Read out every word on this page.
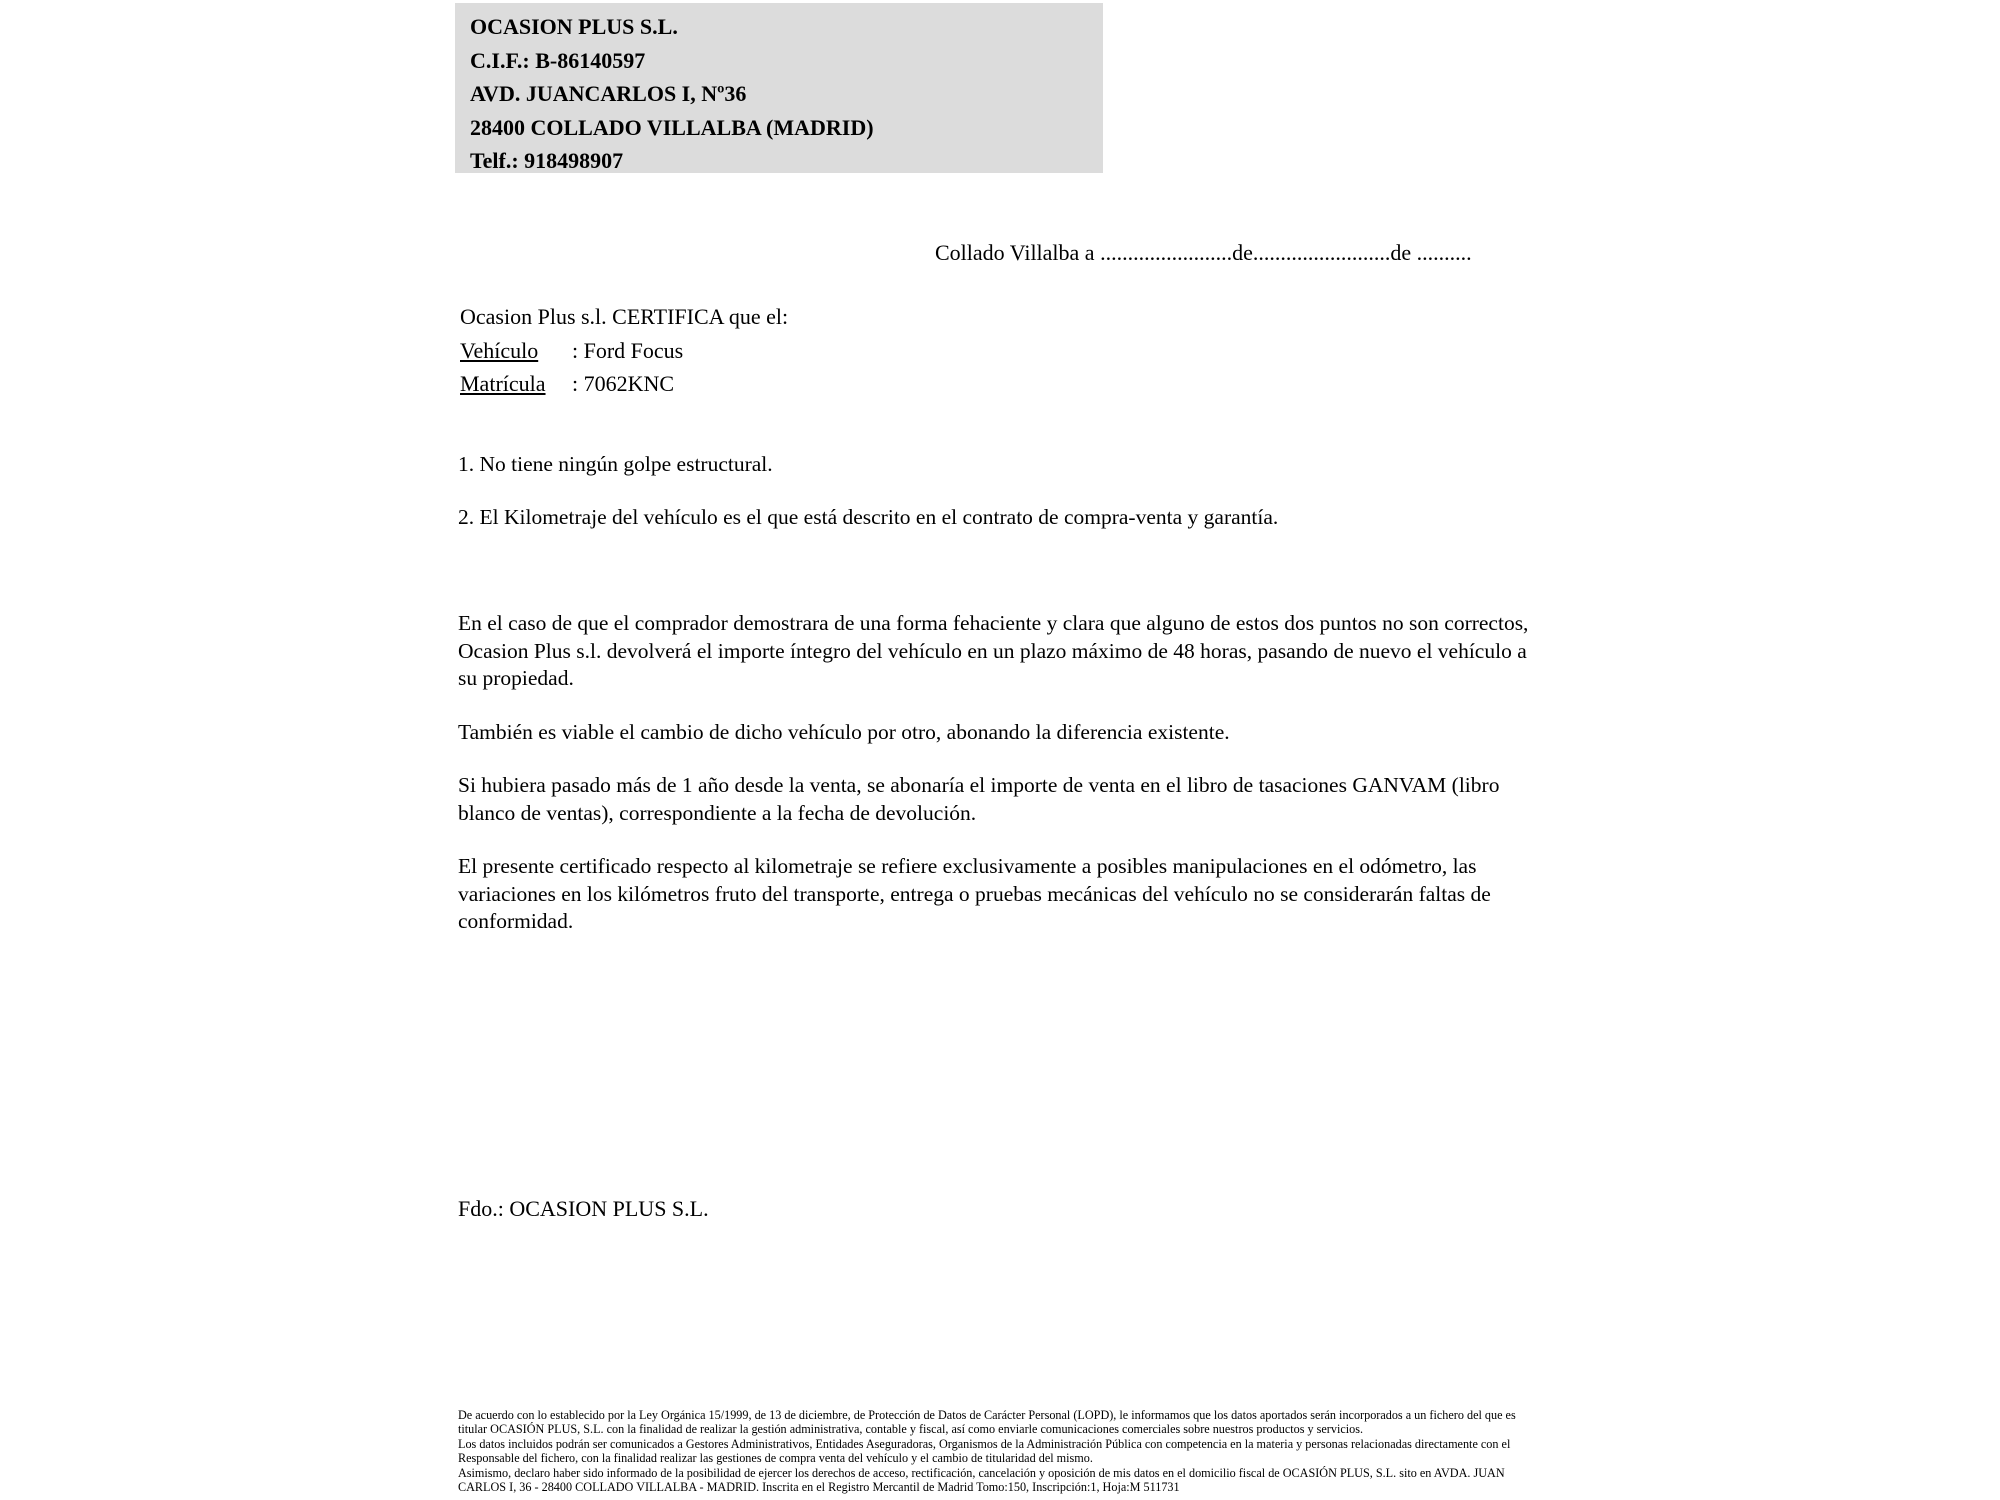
OCASION PLUS S.L.
C.I.F.: B-86140597
AVD. JUANCARLOS I, Nº36
28400 COLLADO VILLALBA (MADRID)
Telf.: 918498907
Collado Villalba a ........................de.........................de ..........
Ocasion Plus s.l. CERTIFICA que el:
Vehículo : Ford Focus
Matrícula : 7062KNC
1. No tiene ningún golpe estructural.
2. El Kilometraje del vehículo es el que está descrito en el contrato de compra-venta y garantía.
En el caso de que el comprador demostrara de una forma fehaciente y clara que alguno de estos dos puntos no son correctos, Ocasion Plus s.l. devolverá el importe íntegro del vehículo en un plazo máximo de 48 horas, pasando de nuevo el vehículo a su propiedad.
También es viable el cambio de dicho vehículo por otro, abonando la diferencia existente.
Si hubiera pasado más de 1 año desde la venta, se abonaría el importe de venta en el libro de tasaciones GANVAM (libro blanco de ventas), correspondiente a la fecha de devolución.
El presente certificado respecto al kilometraje se refiere exclusivamente a posibles manipulaciones en el odómetro, las variaciones en los kilómetros fruto del transporte, entrega o pruebas mecánicas del vehículo no se considerarán faltas de conformidad.
Fdo.: OCASION PLUS S.L.
De acuerdo con lo establecido por la Ley Orgánica 15/1999, de 13 de diciembre, de Protección de Datos de Carácter Personal (LOPD), le informamos que los datos aportados serán incorporados a un fichero del que es titular OCASIÓN PLUS, S.L. con la finalidad de realizar la gestión administrativa, contable y fiscal, así como enviarle comunicaciones comerciales sobre nuestros productos y servicios.
Los datos incluidos podrán ser comunicados a Gestores Administrativos, Entidades Aseguradoras, Organismos de la Administración Pública con competencia en la materia y personas relacionadas directamente con el Responsable del fichero, con la finalidad realizar las gestiones de compra venta del vehículo y el cambio de titularidad del mismo.
Asimismo, declaro haber sido informado de la posibilidad de ejercer los derechos de acceso, rectificación, cancelación y oposición de mis datos en el domicilio fiscal de OCASIÓN PLUS, S.L. sito en AVDA. JUAN CARLOS I, 36 - 28400 COLLADO VILLALBA - MADRID. Inscrita en el Registro Mercantil de Madrid Tomo:150, Inscripción:1, Hoja:M 511731
